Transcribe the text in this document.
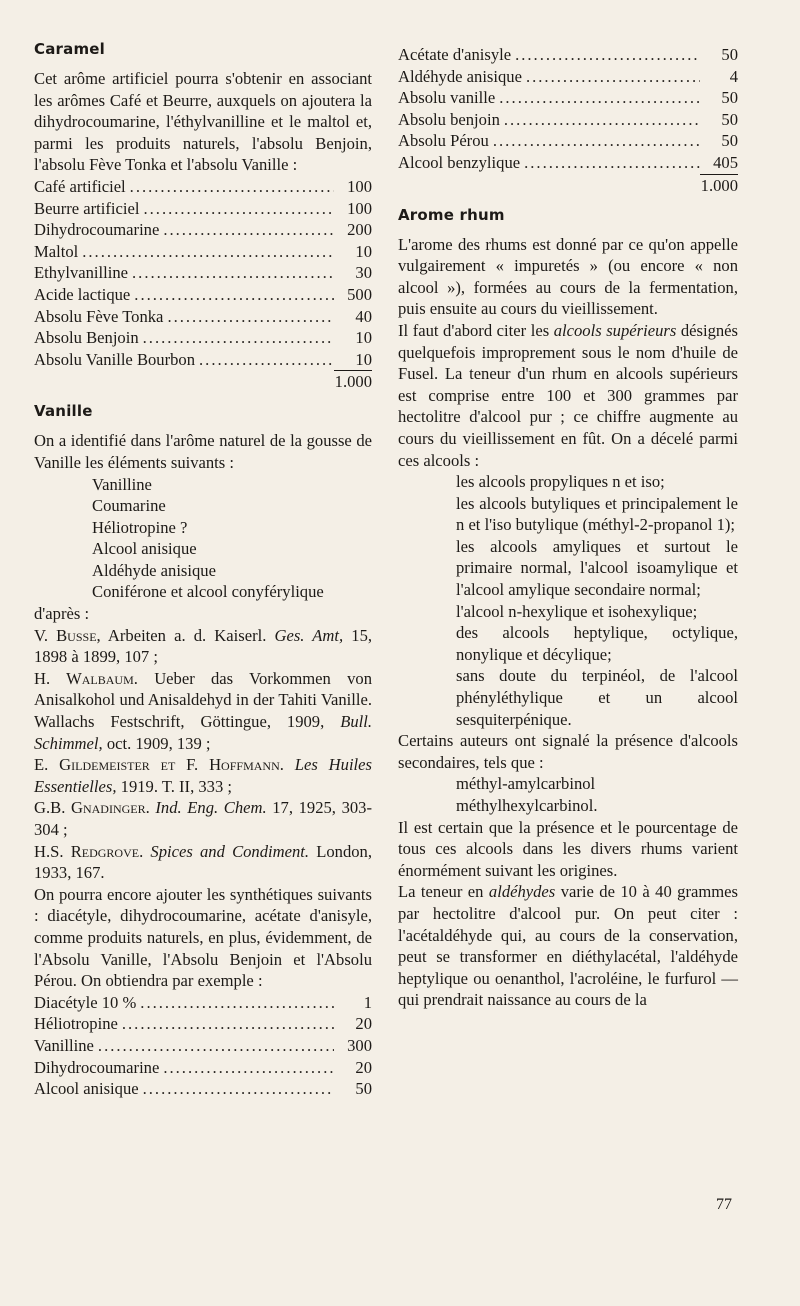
Caramel

Cet arôme artificiel pourra s'obtenir en associant les arômes Café et Beurre, auxquels on ajoutera la dihydrocoumarine, l'éthylvanilline et le maltol et, parmi les produits naturels, l'absolu Benjoin, l'absolu Fève Tonka et l'absolu Vanille :

Café artificiel .....	100
Beurre artificiel .....	100
Dihydrocoumarine .....	200
Maltol .....	10
Ethylvanilline .....	30
Acide lactique .....	500
Absolu Fève Tonka .....	40
Absolu Benjoin .....	10
Absolu Vanille Bourbon .....	10
1.000
Vanille

On a identifié dans l'arôme naturel de la gousse de Vanille les éléments suivants :

Vanilline

Coumarine

Héliotropine ?

Alcool anisique

Aldéhyde anisique

Coniférone et alcool conyférylique

d'après :

V. Busse, Arbeiten a. d. Kaiserl. Ges. Amt, 15, 1898 à 1899, 107 ;

H. Walbaum. Ueber das Vorkommen von Anisalkohol und Anisaldehyd in der Tahiti Vanille. Wallachs Festschrift, Göttingue, 1909, Bull. Schimmel, oct. 1909, 139 ;

E. Gildemeister et F. Hoffmann. Les Huiles Essentielles, 1919. T. II, 333 ;

G.B. Gnadinger. Ind. Eng. Chem. 17, 1925, 303-304 ;

H.S. Redgrove. Spices and Condiment. London, 1933, 167.

On pourra encore ajouter les synthétiques suivants : diacétyle, dihydrocoumarine, acétate d'anisyle, comme produits naturels, en plus, évidemment, de l'Absolu Vanille, l'Absolu Benjoin et l'Absolu Pérou. On obtiendra par exemple :

Diacétyle 10 % .....	1
Héliotropine .....	20
Vanilline .....	300
Dihydrocoumarine .....	20
Alcool anisique .....	50
Acétate d'anisyle .....	50
Aldéhyde anisique .....	4
Absolu vanille .....	50
Absolu benjoin .....	50
Absolu Pérou .....	50
Alcool benzylique .....	405
1.000
Arome rhum

L'arome des rhums est donné par ce qu'on appelle vulgairement « impuretés » (ou encore « non alcool »), formées au cours de la fermentation, puis ensuite au cours du vieillissement.

Il faut d'abord citer les alcools supérieurs désignés quelquefois improprement sous le nom d'huile de Fusel. La teneur d'un rhum en alcools supérieurs est comprise entre 100 et 300 grammes par hectolitre d'alcool pur ; ce chiffre augmente au cours du vieillissement en fût. On a décelé parmi ces alcools :

les alcools propyliques n et iso;

les alcools butyliques et principalement le n et l'iso butylique (méthyl-2-propanol 1);

les alcools amyliques et surtout le primaire normal, l'alcool isoamylique et l'alcool amylique secondaire normal;

l'alcool n-hexylique et isohexylique;

des alcools heptylique, octylique, nonylique et décylique;

sans doute du terpinéol, de l'alcool phényléthylique et un alcool sesquiterpénique.

Certains auteurs ont signalé la présence d'alcools secondaires, tels que :

méthyl-amylcarbinol

méthylhexylcarbinol.

Il est certain que la présence et le pourcentage de tous ces alcools dans les divers rhums varient énormément suivant les origines.

La teneur en aldéhydes varie de 10 à 40 grammes par hectolitre d'alcool pur. On peut citer : l'acétaldéhyde qui, au cours de la conservation, peut se transformer en diéthylacétal, l'aldéhyde heptylique ou oenanthol, l'acroléine, le furfurol — qui prendrait naissance au cours de la

77
